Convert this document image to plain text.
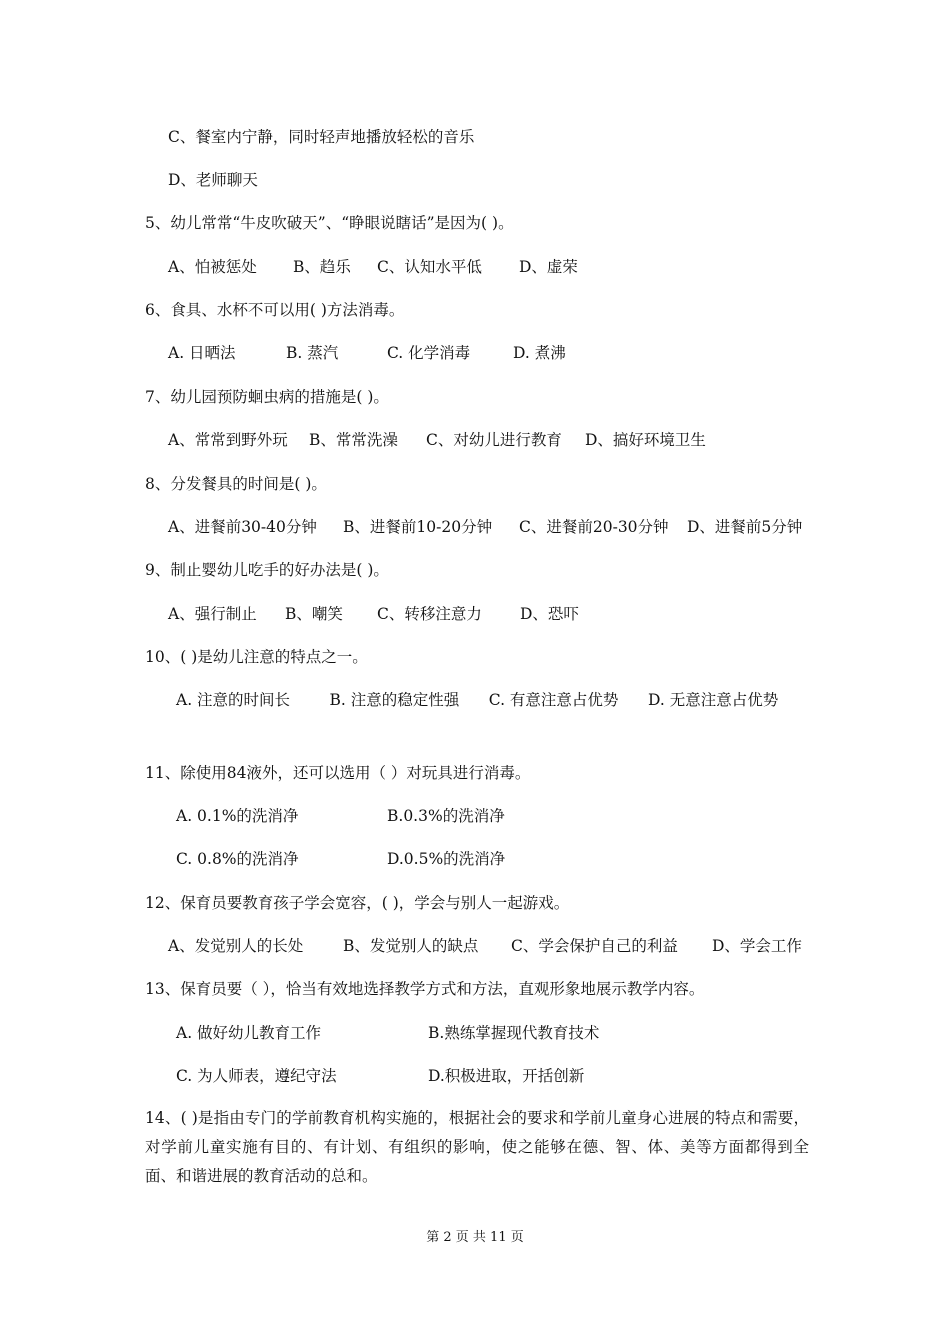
C、餐室内宁静，同时轻声地播放轻松的音乐
D、老师聊天
5、幼儿常常“牛皮吹破天”、“睁眼说瞎话”是因为( )。
A、怕被惩处 B、趋乐 C、认知水平低 D、虚荣
6、食具、水杯不可以用( )方法消毒。
A. 日晒法	B. 蒸汽	C. 化学消毒	D. 煮沸
7、幼儿园预防蛔虫病的措施是( )。
A、常常到野外玩 B、常常洗澡 C、对幼儿进行教育 D、搞好环境卫生
8、分发餐具的时间是( )。
A、进餐前30-40分钟 B、进餐前10-20分钟 C、进餐前20-30分钟 D、进餐前5分钟
9、制止婴幼儿吃手的好办法是( )。
A、强行制止 B、嘲笑 C、转移注意力 D、恐吓
10、( )是幼儿注意的特点之一。
A. 注意的时间长        B. 注意的稳定性强      C. 有意注意占优势      D. 无意注意占优势
11、除使用84液外，还可以选用（ ）对玩具进行消毒。
A. 0.1%的洗消净	B.0.3%的洗消净
C. 0.8%的洗消净	D.0.5%的洗消净
12、保育员要教育孩子学会宽容，( )，学会与别人一起游戏。
A、发觉别人的长处	B、发觉别人的缺点 C、学会保护自己的利益 D、学会工作
13、保育员要（ ），恰当有效地选择教学方式和方法，直观形象地展示教学内容。
A. 做好幼儿教育工作	B.熟练掌握现代教育技术
C. 为人师表，遵纪守法	D.积极进取，开括创新
14、( )是指由专门的学前教育机构实施的，根据社会的要求和学前儿童身心进展的特点和需要，对学前儿童实施有目的、有计划、有组织的影响，使之能够在德、智、体、美等方面都得到全面、和谐进展的教育活动的总和。
第 2 页 共 11 页
